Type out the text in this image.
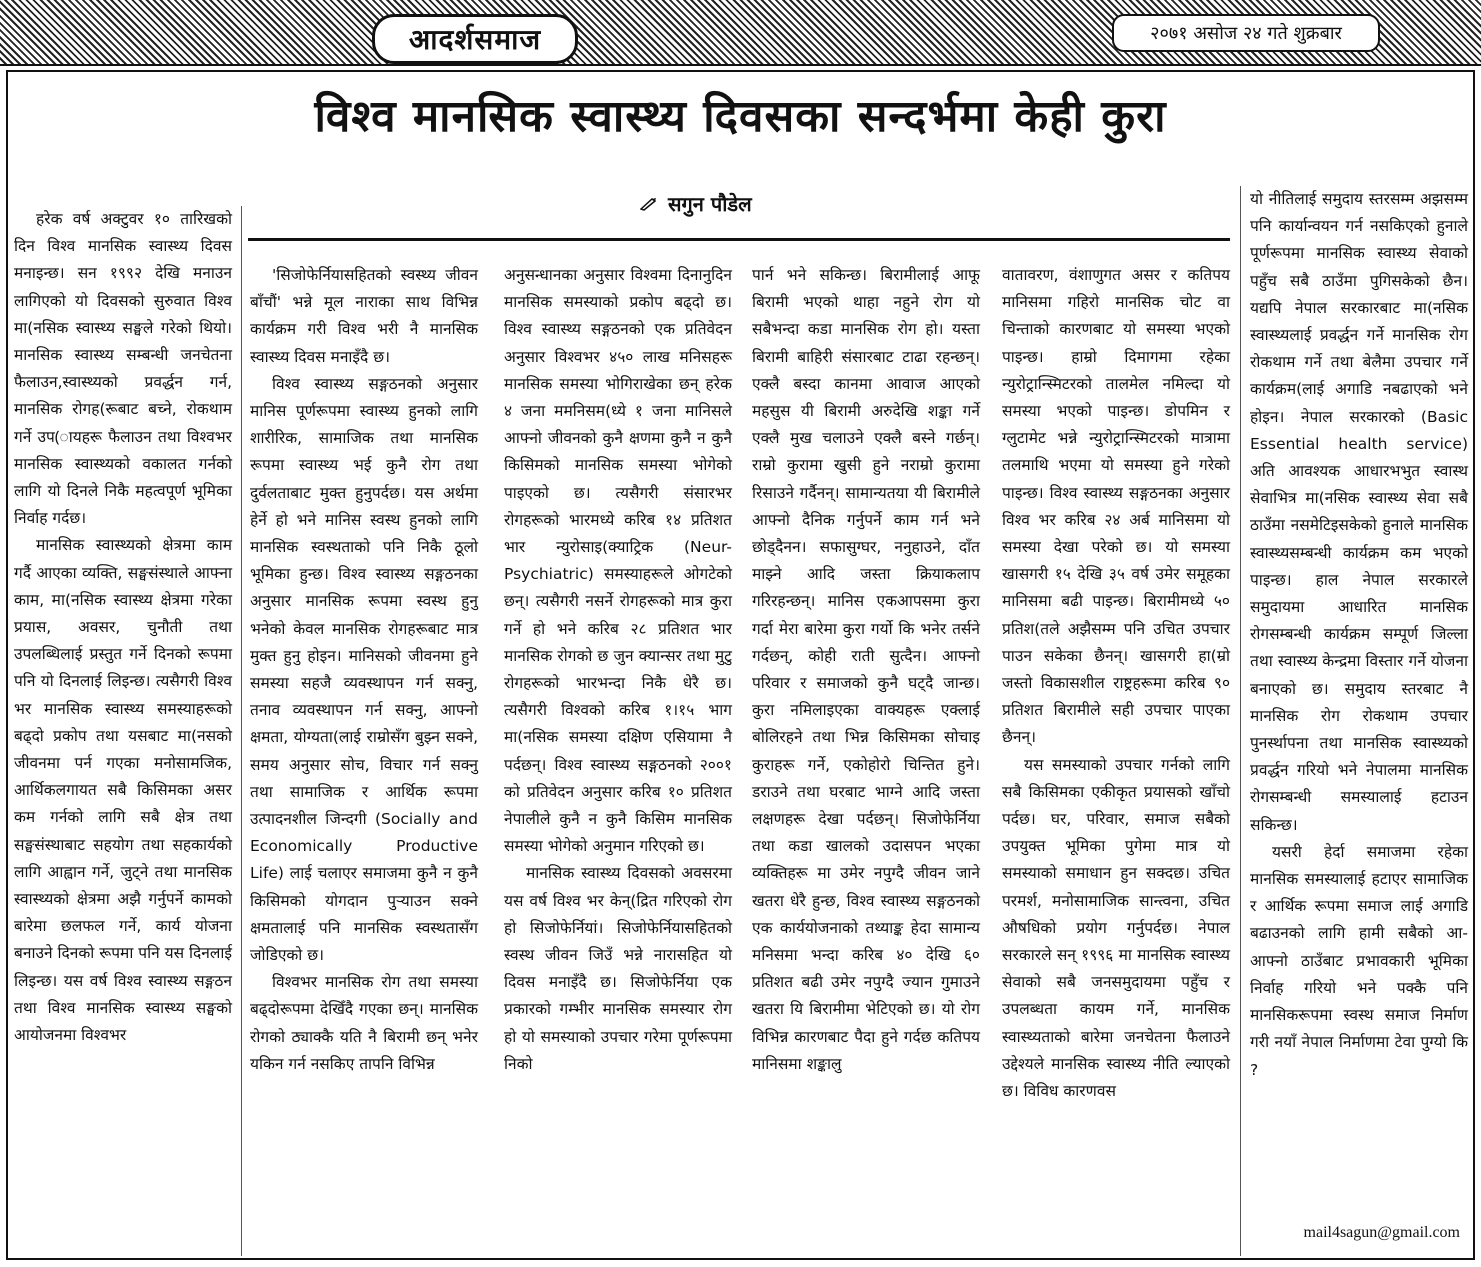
आदर्शसमाज	२०७१ असोज २४ गते शुक्रबार
विश्व मानसिक स्वास्थ्य दिवसका सन्दर्भमा केही कुरा
सगुन पौडेल

हरेक वर्ष अक्टुवर १० तारिखको दिन विश्व मानसिक स्वास्थ्य दिवस मनाइन्छ। सन १९९२ देखि मनाउन लागिएको यो दिवसको सुरुवात विश्व मा(नसिक स्वास्थ्य सङ्घले गरेको थियो। मानसिक स्वास्थ्य सम्बन्धी जनचेतना फैलाउन,स्वास्थ्यको प्रवर्द्धन गर्न, मानसिक रोगह(रूबाट बच्ने, रोकथाम गर्ने उप(ायहरू फैलाउन तथा विश्वभर मानसिक स्वास्थ्यको वकालत गर्नको लागि यो दिनले निकै महत्वपूर्ण भूमिका निर्वाह गर्दछ।

मानसिक स्वास्थ्यको क्षेत्रमा काम गर्दै आएका व्यक्ति, सङ्घसंस्थाले आफ्ना काम, मा(नसिक स्वास्थ्य क्षेत्रमा गरेका प्रयास, अवसर, चुनौती तथा उपलब्धिलाई प्रस्तुत गर्ने दिनको रूपमा पनि यो दिनलाई लिइन्छ। त्यसैगरी विश्व भर मानसिक स्वास्थ्य समस्याहरूको बढ्दो प्रकोप तथा यसबाट मा(नसको जीवनमा पर्न गएका मनोसामजिक, आर्थिकलगायत सबै किसिमका असर कम गर्नको लागि सबै क्षेत्र तथा सङ्घसंस्थाबाट सहयोग तथा सहकार्यको लागि आह्वान गर्ने, जुट्ने तथा मानसिक स्वास्थ्यको क्षेत्रमा अझै गर्नुपर्ने कामको बारेमा छलफल गर्ने, कार्य योजना बनाउने दिनको रूपमा पनि यस दिनलाई लिइन्छ। यस वर्ष विश्व स्वास्थ्य सङ्गठन तथा विश्व मानसिक स्वास्थ्य सङ्घको आयोजनमा विश्वभर

'सिजोफेर्नियासहितको स्वस्थ्य जीवन बाँचौं' भन्ने मूल नाराका साथ विभिन्न कार्यक्रम गरी विश्व भरी नै मानसिक स्वास्थ्य दिवस मनाइँदै छ।

विश्व स्वास्थ्य सङ्गठनको अनुसार मानिस पूर्णरूपमा स्वास्थ्य हुनको लागि शारीरिक, सामाजिक तथा मानसिक रूपमा स्वास्थ्य भई कुनै रोग तथा दुर्वलताबाट मुक्त हुनुपर्दछ। यस अर्थमा हेर्ने हो भने मानिस स्वस्थ हुनको लागि मानसिक स्वस्थताको पनि निकै ठूलो भूमिका हुन्छ। विश्व स्वास्थ्य सङ्गठनका अनुसार मानसिक रूपमा स्वस्थ हुनु भनेको केवल मानसिक रोगहरूबाट मात्र मुक्त हुनु होइन। मानिसको जीवनमा हुने समस्या सहजै व्यवस्थापन गर्न सक्नु, तनाव व्यवस्थापन गर्न सक्नु, आफ्नो क्षमता, योग्यता(लाई राम्रोसँग बुझ्न सक्ने, समय अनुसार सोच, विचार गर्न सक्नु तथा सामाजिक र आर्थिक रूपमा उत्पादनशील जिन्दगी (Socially and Economically Productive Life) लाई चलाएर समाजमा कुनै न कुनै किसिमको योगदान पुर्‍याउन सक्ने क्षमतालाई पनि मानसिक स्वस्थतासँग जोडिएको छ।

विश्वभर मानसिक रोग तथा समस्या बढ्दोरूपमा देखिँदै गएका छन्। मानसिक रोगको ठ्याक्कै यति नै बिरामी छन् भनेर यकिन गर्न नसकिए तापनि विभिन्न

अनुसन्धानका अनुसार विश्वमा दिनानुदिन मानसिक समस्याको प्रकोप बढ्दो छ। विश्व स्वास्थ्य सङ्गठनको एक प्रतिवेदन अनुसार विश्वभर ४५० लाख मनिसहरू मानसिक समस्या भोगिराखेका छन्‌ हरेक ४ जना ममनिसम(ध्ये १ जना मानिसले आफ्नो जीवनको कुनै क्षणमा कुनै न कुनै किसिमको मानसिक समस्या भोगेको पाइएको छ। त्यसैगरी संसारभर रोगहरूको भारमध्ये करिब १४ प्रतिशत भार न्युरोसाइ(क्याट्रिक (Neur-Psychiatric) समस्याहरूले ओगटेको छन्। त्यसैगरी नसर्ने रोगहरूको मात्र कुरा गर्ने हो भने करिब २८ प्रतिशत भार मानसिक रोगको छ जुन क्यान्सर तथा मुटु रोगहरूको भारभन्दा निकै धेरै छ। त्यसैगरी विश्वको करिब १।१५ भाग मा(नसिक समस्या दक्षिण एसियामा नै पर्दछन्। विश्व स्वास्थ्य सङ्गठनको २००१ को प्रतिवेदन अनुसार करिब १० प्रतिशत नेपालीले कुनै न कुनै किसिम मानसिक समस्या भोगेको अनुमान गरिएको छ।

मानसिक स्वास्थ्य दिवसको अवसरमा यस वर्ष विश्व भर केन्(द्रित गरिएको रोग हो सिजोफेर्नियां। सिजोफेर्नियासहितको स्वस्थ जीवन जिउँ भन्ने नारासहित यो दिवस मनाइँदै छ। सिजोफेर्निया एक प्रकारको गम्भीर मानसिक समस्यार रोग हो यो समस्याको उपचार गरेमा पूर्णरूपमा निको

पार्न भने सकिन्छ। बिरामीलाई आफू बिरामी भएको थाहा नहुने रोग यो सबैभन्दा कडा मानसिक रोग हो। यस्ता बिरामी बाहिरी संसारबाट टाढा रहन्छन्। एक्लै बस्दा कानमा आवाज आएको महसुस यी बिरामी अरुदेखि शङ्का गर्ने एक्लै मुख चलाउने एक्लै बस्ने गर्छन्। राम्रो कुरामा खुसी हुने नराम्रो कुरामा रिसाउने गर्दैनन्। सामान्यतया यी बिरामीले आफ्नो दैनिक गर्नुपर्ने काम गर्न भने छोड्दैनन। सफासुग्घर, ननुहाउने, दाँत माझ्ने आदि जस्ता क्रियाकलाप गरिरहन्छन्। मानिस एकआपसमा कुरा गर्दा मेरा बारेमा कुरा गर्यो कि भनेर तर्सने गर्दछन्, कोही राती सुत्दैन। आफ्नो परिवार र समाजको कुनै घट्दै जान्छ। कुरा नमिलाइएका वाक्यहरू एक्लाई बोलिरहने तथा भिन्न किसिमका सोचाइ कुराहरू गर्ने, एकोहोरो चिन्तित हुने। डराउने तथा घरबाट भाग्ने आदि जस्ता लक्षणहरू देखा पर्दछन्। सिजोफेर्निया तथा कडा खालको उदासपन भएका व्यक्तिहरू मा उमेर नपुग्दै जीवन जाने खतरा धेरै हुन्छ, विश्व स्वास्थ्य सङ्गठनको एक कार्ययोजनाको तथ्याङ्क हेदा सामान्य मनिसमा भन्दा करिब ४० देखि ६० प्रतिशत बढी उमेर नपुग्दै ज्यान गुमाउने खतरा यि बिरामीमा भेटिएको छ। यो रोग विभिन्न कारणबाट पैदा हुने गर्दछ कतिपय मानिसमा शङ्कालु

वातावरण, वंशाणुगत असर र कतिपय मानिसमा गहिरो मानसिक चोट वा चिन्ताको कारणबाट यो समस्या भएको पाइन्छ। हाम्रो दिमागमा रहेका न्युरोट्रान्स्मिटरको तालमेल नमिल्दा यो समस्या भएको पाइन्छ। डोपमिन र ग्लुटामेट भन्ने न्युरोट्रान्स्मिटरको मात्रामा तलमाथि भएमा यो समस्या हुने गरेको पाइन्छ। विश्व स्वास्थ्य सङ्गठनका अनुसार विश्व भर करिब २४ अर्ब मानिसमा यो समस्या देखा परेको छ। यो समस्या खासगरी १५ देखि ३५ वर्ष उमेर समूहका मानिसमा बढी पाइन्छ। बिरामीमध्ये ५० प्रतिश(तले अझैसम्म पनि उचित उपचार पाउन सकेका छैनन्। खासगरी हा(म्रो जस्तो विकासशील राष्ट्रहरूमा करिब ९० प्रतिशत बिरामीले सही उपचार पाएका छैनन्।

यस समस्याको उपचार गर्नको लागि सबै किसिमका एकीकृत प्रयासको खाँचो पर्दछ। घर, परिवार, समाज सबैको उपयुक्त भूमिका पुगेमा मात्र यो समस्याको समाधान हुन सक्दछ। उचित परमर्श, मनोसामाजिक सान्त्वना, उचित औषधिको प्रयोग गर्नुपर्दछ। नेपाल सरकारले सन् १९९६ मा मानसिक स्वास्थ्य सेवाको सबै जनसमुदायमा पहुँच र उपलब्धता कायम गर्ने, मानसिक स्वास्थ्यताको बारेमा जनचेतना फैलाउने उद्देश्यले मानसिक स्वास्थ्य नीति ल्याएको छ। विविध कारणवस

यो नीतिलाई समुदाय स्तरसम्म अझसम्म पनि कार्यान्वयन गर्न नसकिएको हुनाले पूर्णरूपमा मानसिक स्वास्थ्य सेवाको पहुँच सबै ठाउँमा पुगिसकेको छैन। यद्यपि नेपाल सरकारबाट मा(नसिक स्वास्थ्यलाई प्रवर्द्धन गर्ने मानसिक रोग रोकथाम गर्ने तथा बेलैमा उपचार गर्ने कार्यक्रम(लाई अगाडि नबढाएको भने होइन। नेपाल सरकारको (Basic Essential health service) अति आवश्यक आधारभभुत स्वास्थ सेवाभित्र मा(नसिक स्वास्थ्य सेवा सबै ठाउँमा नसमेटिइसकेको हुनाले मानसिक स्वास्थ्यसम्बन्धी कार्यक्रम कम भएको पाइन्छ। हाल नेपाल सरकारले समुदायमा आधारित मानसिक रोगसम्बन्धी कार्यक्रम सम्पूर्ण जिल्ला तथा स्वास्थ्य केन्द्रमा विस्तार गर्ने योजना बनाएको छ। समुदाय स्तरबाट नै मानसिक रोग रोकथाम उपचार पुनर्स्थापना तथा मानसिक स्वास्थ्यको प्रवर्द्धन गरियो भने नेपालमा मानसिक रोगसम्बन्धी समस्यालाई हटाउन सकिन्छ।

यसरी हेर्दा समाजमा रहेका मानसिक समस्यालाई हटाएर सामाजिक र आर्थिक रूपमा समाज लाई अगाडि बढाउनको लागि हामी सबैको आ-आफ्नो ठाउँबाट प्रभावकारी भूमिका निर्वाह गरियो भने पक्कै पनि मानसिकरूपमा स्वस्थ समाज निर्माण गरी नयाँ नेपाल निर्माणमा टेवा पुग्यो कि ?

mail4sagun@gmail.com
